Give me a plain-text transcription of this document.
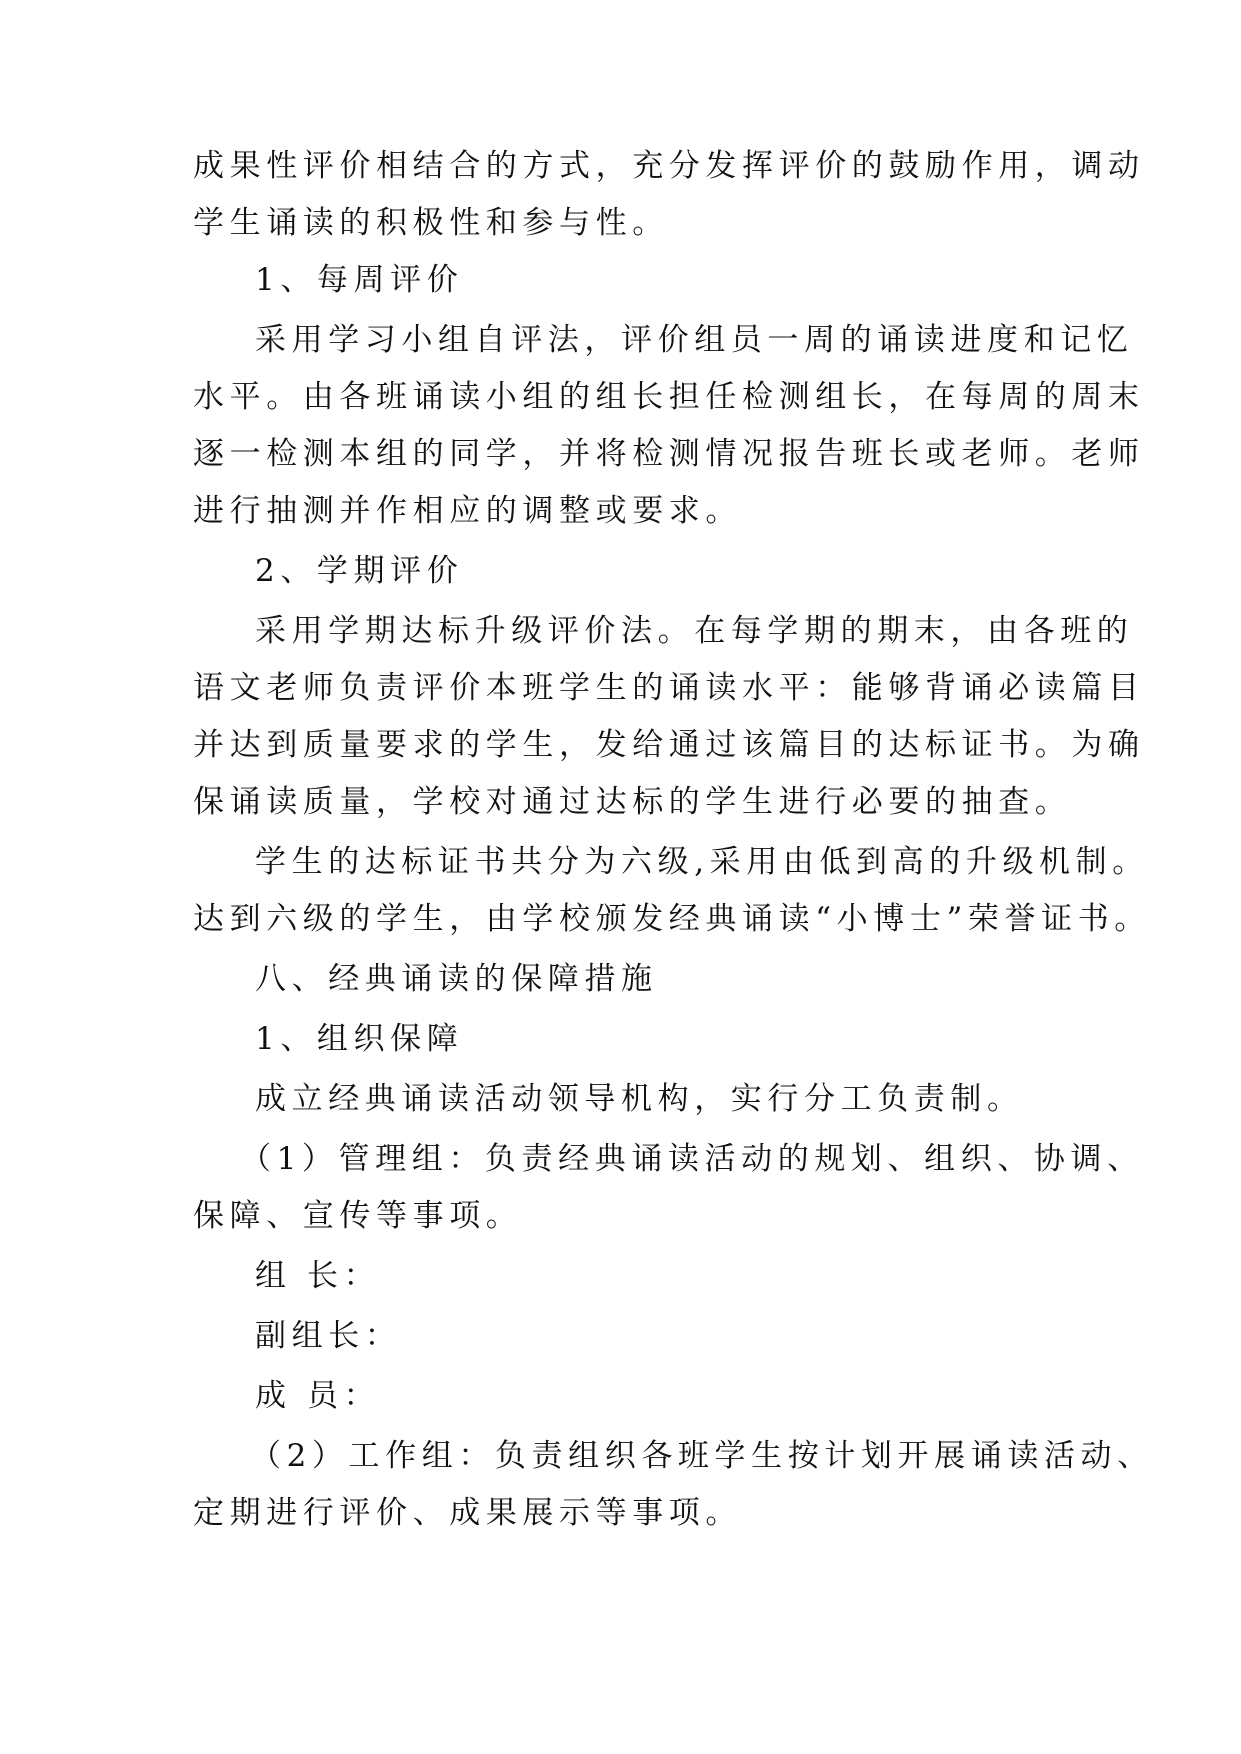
成果性评价相结合的方式，充分发挥评价的鼓励作用，调动

学生诵读的积极性和参与性。

1、每周评价

采用学习小组自评法，评价组员一周的诵读进度和记忆

水平。由各班诵读小组的组长担任检测组长，在每周的周末

逐一检测本组的同学，并将检测情况报告班长或老师。老师

进行抽测并作相应的调整或要求。

2、学期评价

采用学期达标升级评价法。在每学期的期末，由各班的

语文老师负责评价本班学生的诵读水平：能够背诵必读篇目

并达到质量要求的学生，发给通过该篇目的达标证书。为确

保诵读质量，学校对通过达标的学生进行必要的抽查。

学生的达标证书共分为六级,采用由低到高的升级机制。

达到六级的学生，由学校颁发经典诵读“小博士”荣誉证书。

八、经典诵读的保障措施

1、组织保障

成立经典诵读活动领导机构，实行分工负责制。

（1）管理组：负责经典诵读活动的规划、组织、协调、

保障、宣传等事项。

组 长：

副组长：

成 员：

（2）工作组：负责组织各班学生按计划开展诵读活动、

定期进行评价、成果展示等事项。
